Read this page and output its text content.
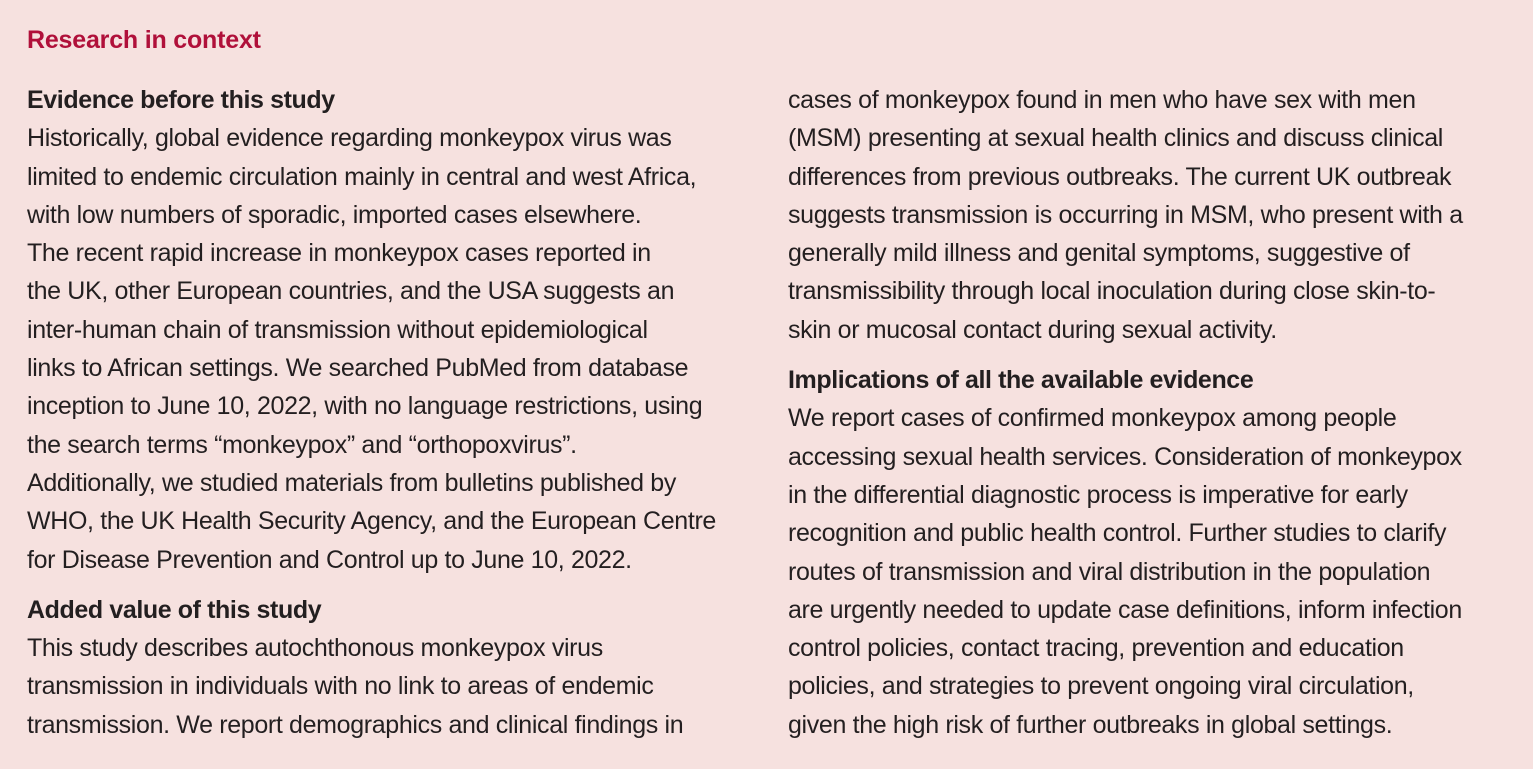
Research in context
Evidence before this study
Historically, global evidence regarding monkeypox virus was
limited to endemic circulation mainly in central and west Africa,
with low numbers of sporadic, imported cases elsewhere.
The recent rapid increase in monkeypox cases reported in
the UK, other European countries, and the USA suggests an
inter-human chain of transmission without epidemiological
links to African settings. We searched PubMed from database
inception to June 10, 2022, with no language restrictions, using
the search terms “monkeypox” and “orthopoxvirus”.
Additionally, we studied materials from bulletins published by
WHO, the UK Health Security Agency, and the European Centre
for Disease Prevention and Control up to June 10, 2022.
Added value of this study
This study describes autochthonous monkeypox virus
transmission in individuals with no link to areas of endemic
transmission. We report demographics and clinical findings in
cases of monkeypox found in men who have sex with men
(MSM) presenting at sexual health clinics and discuss clinical
differences from previous outbreaks. The current UK outbreak
suggests transmission is occurring in MSM, who present with a
generally mild illness and genital symptoms, suggestive of
transmissibility through local inoculation during close skin-to-
skin or mucosal contact during sexual activity.
Implications of all the available evidence
We report cases of confirmed monkeypox among people
accessing sexual health services. Consideration of monkeypox
in the differential diagnostic process is imperative for early
recognition and public health control. Further studies to clarify
routes of transmission and viral distribution in the population
are urgently needed to update case definitions, inform infection
control policies, contact tracing, prevention and education
policies, and strategies to prevent ongoing viral circulation,
given the high risk of further outbreaks in global settings.
